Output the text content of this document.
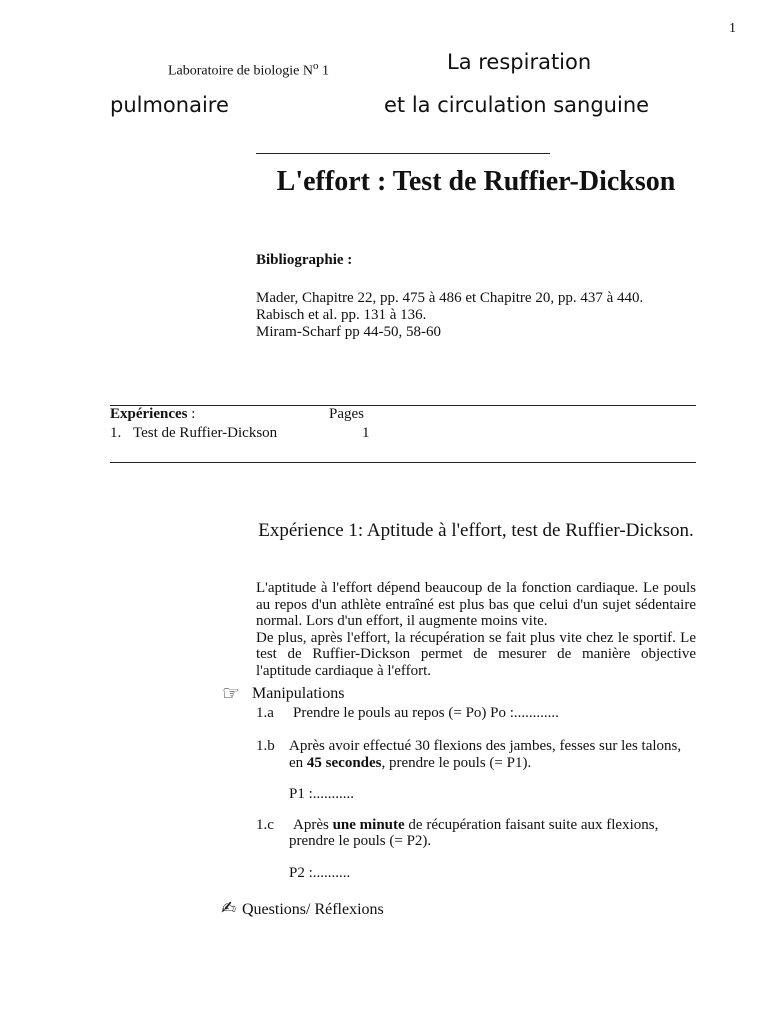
1
Laboratoire de biologie $N^o$ 1	La respiration
pulmonaire	et la circulation sanguine
L'effort : Test de Ruffier-Dickson
Bibliographie :
Mader, Chapitre 22, pp. 475 à 486 et Chapitre 20, pp. 437 à 440.
Rabisch et al. pp. 131 à 136.
Miram-Scharf pp 44-50, 58-60
Expériences :	Pages
1. Test de Ruffier-Dickson	1
Expérience 1: Aptitude à l'effort, test de Ruffier-Dickson.

L'aptitude à l'effort dépend beaucoup de la fonction cardiaque. Le pouls au repos d'un athlète entraîné est plus bas que celui d'un sujet sédentaire normal. Lors d'un effort, il augmente moins vite.

De plus, après l'effort, la récupération se fait plus vite chez le sportif. Le test de Ruffier-Dickson permet de mesurer de manière objective l'aptitude cardiaque à l'effort.

☞ Manipulations
1.a Prendre le pouls au repos (= Po) Po :............
1.b Après avoir effectué 30 flexions des jambes, fesses sur les talons,
en 45 secondes, prendre le pouls (= P1).
P1 :...........
1.c Après une minute de récupération faisant suite aux flexions,
prendre le pouls (= P2).
P2 :..........
✍ Questions/ Réflexions
